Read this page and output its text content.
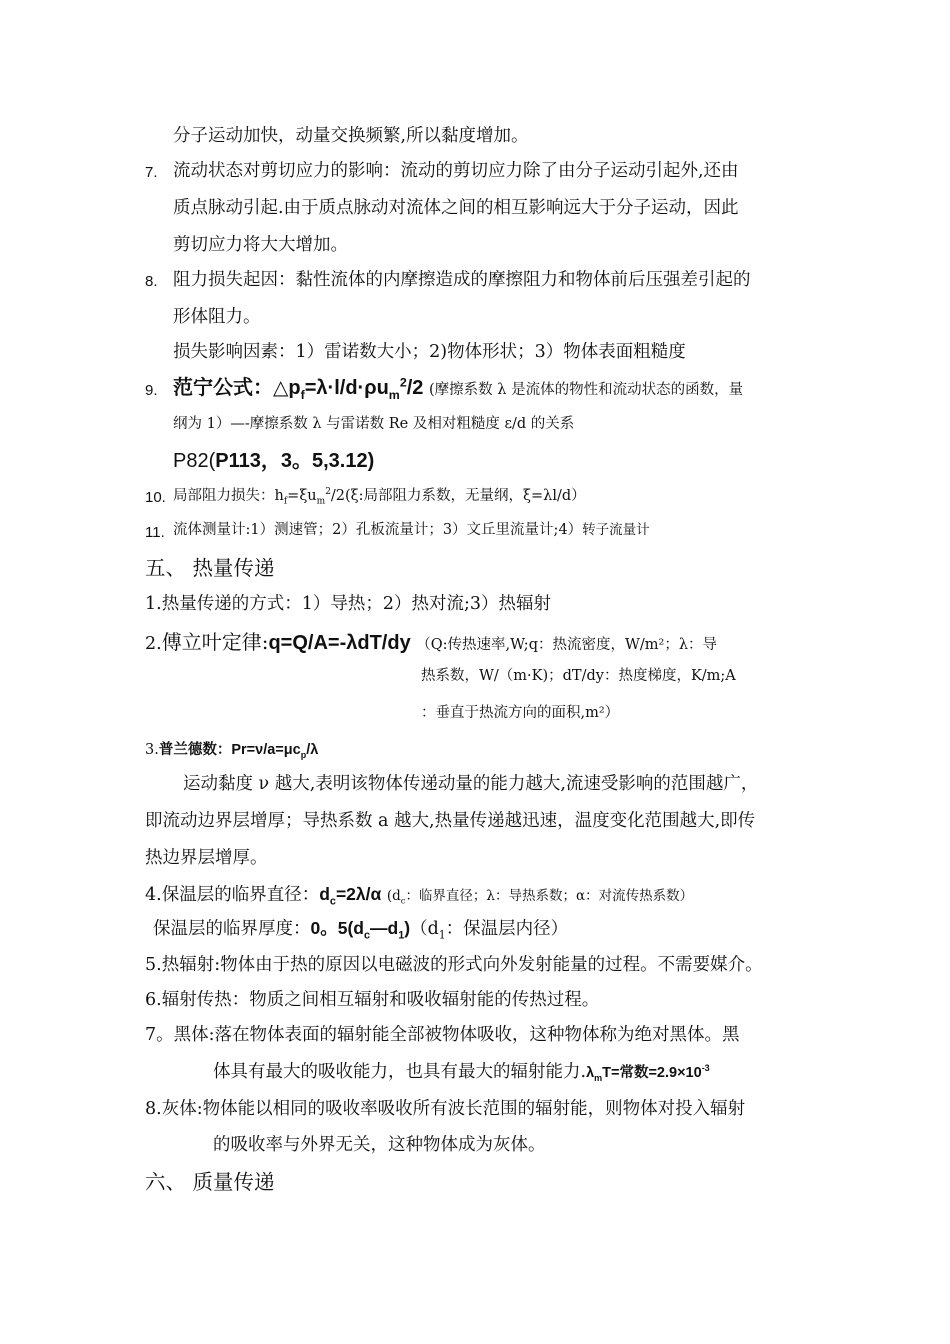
分子运动加快，动量交换频繁,所以黏度增加。
7. 流动状态对剪切应力的影响：流动的剪切应力除了由分子运动引起外,还由
质点脉动引起.由于质点脉动对流体之间的相互影响远大于分子运动，因此
剪切应力将大大增加。
8. 阻力损失起因：黏性流体的内摩擦造成的摩擦阻力和物体前后压强差引起的
形体阻力。
损失影响因素：1）雷诺数大小；2)物体形状；3）物体表面粗糙度
9. 范宁公式：$\triangle p_f=\lambda\cdot l/d\cdot\rho u_m^2/2$ (摩擦系数 λ 是流体的物性和流动状态的函数，量
纲为 1）—-摩擦系数 λ 与雷诺数 Re 及相对粗糙度 ε/d 的关系
P82(P113，3。5,3.12)
10. 局部阻力损失：$h_f=\xi u_m^2/2(\xi$:局部阻力系数，无量纲，ξ=λl/d）
11. 流体测量计:1）测速管；2）孔板流量计；3）文丘里流量计;4）转子流量计
五、 热量传递
1.热量传递的方式：1）导热；2）热对流;3）热辐射
2.傅立叶定律:q=Q/A=-λdT/dy （Q:传热速率,W;q：热流密度，W/m²；λ：导
热系数，W/（m·K)；dT/dy：热度梯度，K/m;A
：垂直于热流方向的面积,m²）
3.普兰德数：$Pr=\nu/a=\mu c_p/\lambda$
运动黏度 ν 越大,表明该物体传递动量的能力越大,流速受影响的范围越广，
即流动边界层增厚；导热系数 a 越大,热量传递越迅速，温度变化范围越大,即传
热边界层增厚。
4.保温层的临界直径：$d_c=2\lambda/\alpha$ ($d_c$：临界直径；λ：导热系数；α：对流传热系数）
保温层的临界厚度：0。$5(d_c—d_1)(d_1$：保温层内径）
5.热辐射:物体由于热的原因以电磁波的形式向外发射能量的过程。不需要媒介。
6.辐射传热：物质之间相互辐射和吸收辐射能的传热过程。
7。黑体:落在物体表面的辐射能全部被物体吸收，这种物体称为绝对黑体。黑
体具有最大的吸收能力，也具有最大的辐射能力$.\lambda_mT=$常数$=2.9\times 10^{-3}$
8.灰体:物体能以相同的吸收率吸收所有波长范围的辐射能，则物体对投入辐射
的吸收率与外界无关，这种物体成为灰体。
六、 质量传递
